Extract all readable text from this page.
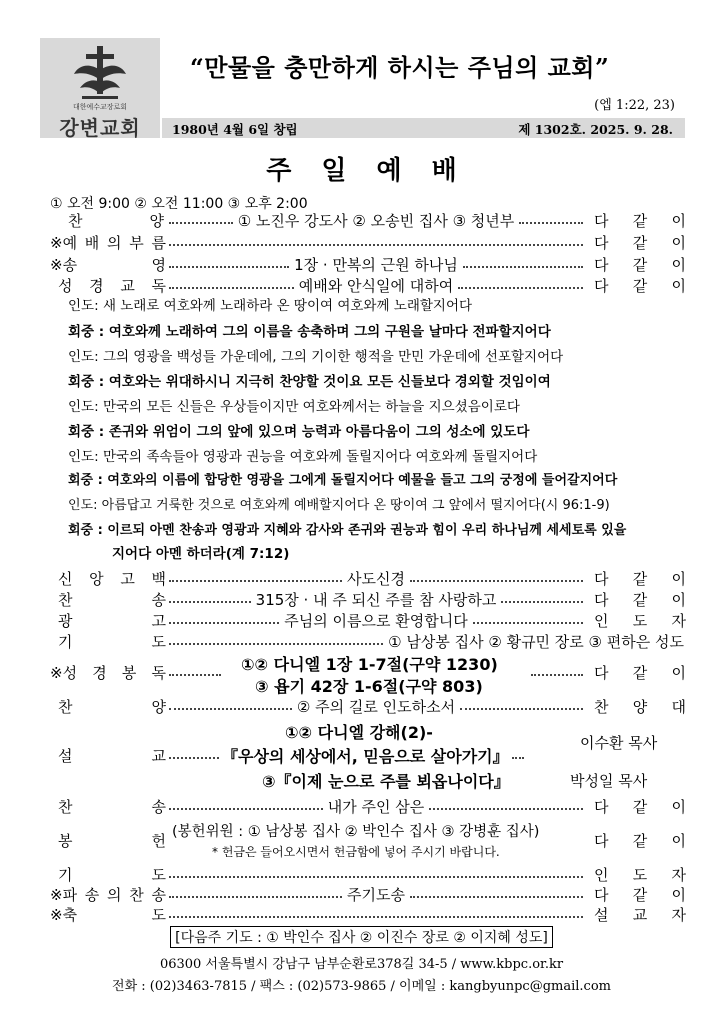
대한예수교장로회
강변교회
“만물을 충만하게 하시는 주님의 교회”
(엡 1:22, 23)
1980년 4월 6일 창립	제 1302호. 2025. 9. 28.
주일예배
① 오전 9:00 ② 오전 11:00 ③ 오후 2:00
찬	양	① 노진우 강도사 ② 오송빈 집사 ③ 청년부	다 같 이
※예 배 의 부 름	다 같 이
※송	영	1장 · 만복의 근원 하나님	다 같 이
성 경 교 독	예배와 안식일에 대하여	다 같 이
인도: 새 노래로 여호와께 노래하라 온 땅이여 여호와께 노래할지어다
회중 : 여호와께 노래하여 그의 이름을 송축하며 그의 구원을 날마다 전파할지어다
인도: 그의 영광을 백성들 가운데에, 그의 기이한 행적을 만민 가운데에 선포할지어다
회중 : 여호와는 위대하시니 지극히 찬양할 것이요 모든 신들보다 경외할 것임이여
인도: 만국의 모든 신들은 우상들이지만 여호와께서는 하늘을 지으셨음이로다
회중 : 존귀와 위엄이 그의 앞에 있으며 능력과 아름다움이 그의 성소에 있도다
인도: 만국의 족속들아 영광과 권능을 여호와께 돌릴지어다 여호와께 돌릴지어다
회중 : 여호와의 이름에 합당한 영광을 그에게 돌릴지어다 예물을 들고 그의 궁정에 들어갈지어다
인도: 아름답고 거룩한 것으로 여호와께 예배할지어다 온 땅이여 그 앞에서 떨지어다(시 96:1-9)
회중 : 이르되 아멘 찬송과 영광과 지혜와 감사와 존귀와 권능과 힘이 우리 하나님께 세세토록 있을
지어다 아멘 하더라(계 7:12)
신 앙 고 백	사도신경	다 같 이
찬	송	315장 · 내 주 되신 주를 참 사랑하고	다 같 이
광	고	주님의 이름으로 환영합니다	인 도 자
기	도	① 남상봉 집사 ② 황규민 장로 ③ 편하은 성도
※성 경 봉 독	다 같 이
①② 다니엘 1장 1-7절(구약 1230)
③ 욥기 42장 1-6절(구약 803)
찬	양	② 주의 길로 인도하소서	찬 양 대
①② 다니엘 강해(2)-
설	교	『우상의 세상에서, 믿음으로 살아가기』
이수환 목사
③『이제 눈으로 주를 뵈옵나이다』	박성일 목사
찬	송	내가 주인 삼은	다 같 이
봉	헌	다 같 이
(봉헌위원 : ① 남상봉 집사 ② 박인수 집사 ③ 강병훈 집사)
* 헌금은 들어오시면서 헌금함에 넣어 주시기 바랍니다.
기	도	인 도 자
※파 송 의 찬 송	주기도송	다 같 이
※축	도	설 교 자
[다음주 기도 : ① 박인수 집사 ② 이진수 장로 ② 이지혜 성도]
06300 서울특별시 강남구 남부순환로378길 34-5 / www.kbpc.or.kr
전화 : (02)3463-7815 / 팩스 : (02)573-9865 / 이메일 : kangbyunpc@gmail.com
